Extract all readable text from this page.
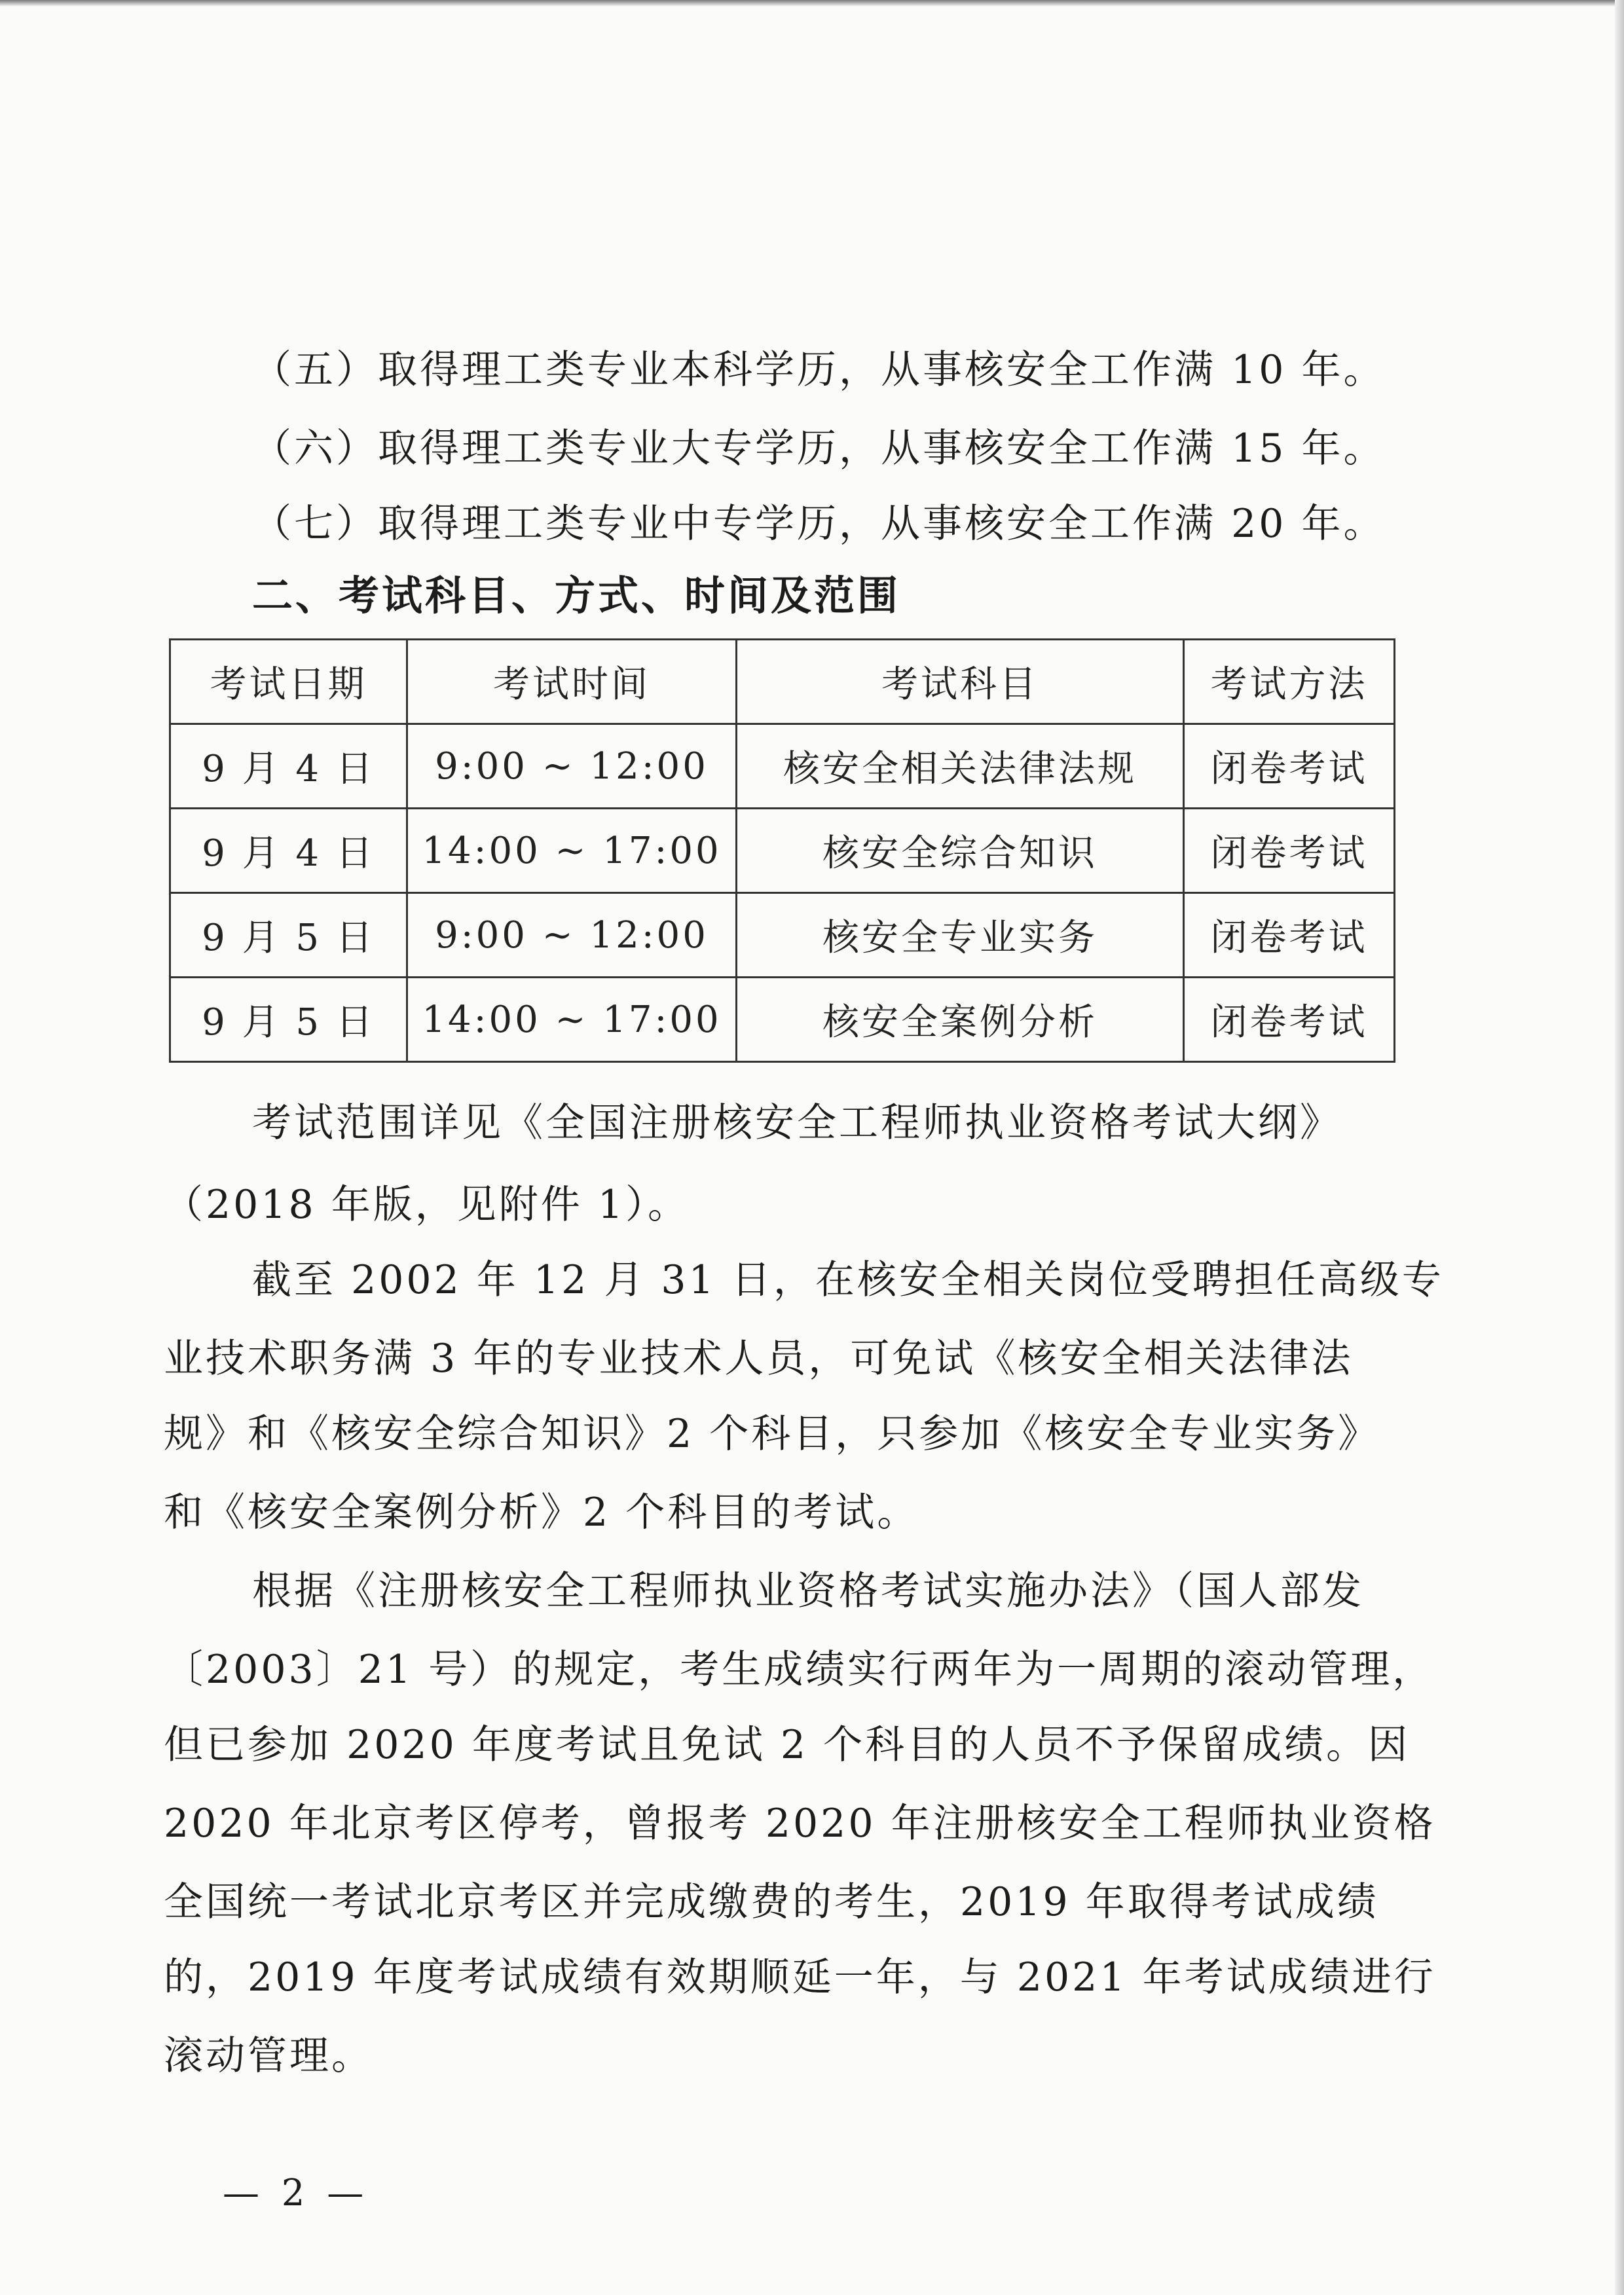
（五）取得理工类专业本科学历，从事核安全工作满 10 年。
（六）取得理工类专业大专学历，从事核安全工作满 15 年。
（七）取得理工类专业中专学历，从事核安全工作满 20 年。
二、考试科目、方式、时间及范围
考试日期	考试时间	考试科目	考试方法
9 月 4 日	9:00 ~ 12:00	核安全相关法律法规	闭卷考试
9 月 4 日	14:00 ~ 17:00	核安全综合知识	闭卷考试
9 月 5 日	9:00 ~ 12:00	核安全专业实务	闭卷考试
9 月 5 日	14:00 ~ 17:00	核安全案例分析	闭卷考试
考试范围详见《全国注册核安全工程师执业资格考试大纲》
（2018 年版，见附件 1）。
截至 2002 年 12 月 31 日，在核安全相关岗位受聘担任高级专
业技术职务满 3 年的专业技术人员，可免试《核安全相关法律法
规》和《核安全综合知识》2 个科目，只参加《核安全专业实务》
和《核安全案例分析》2 个科目的考试。
根据《注册核安全工程师执业资格考试实施办法》（国人部发
〔2003〕21 号）的规定，考生成绩实行两年为一周期的滚动管理，
但已参加 2020 年度考试且免试 2 个科目的人员不予保留成绩。因
2020 年北京考区停考，曾报考 2020 年注册核安全工程师执业资格
全国统一考试北京考区并完成缴费的考生，2019 年取得考试成绩
的，2019 年度考试成绩有效期顺延一年，与 2021 年考试成绩进行
滚动管理。
— 2 —
